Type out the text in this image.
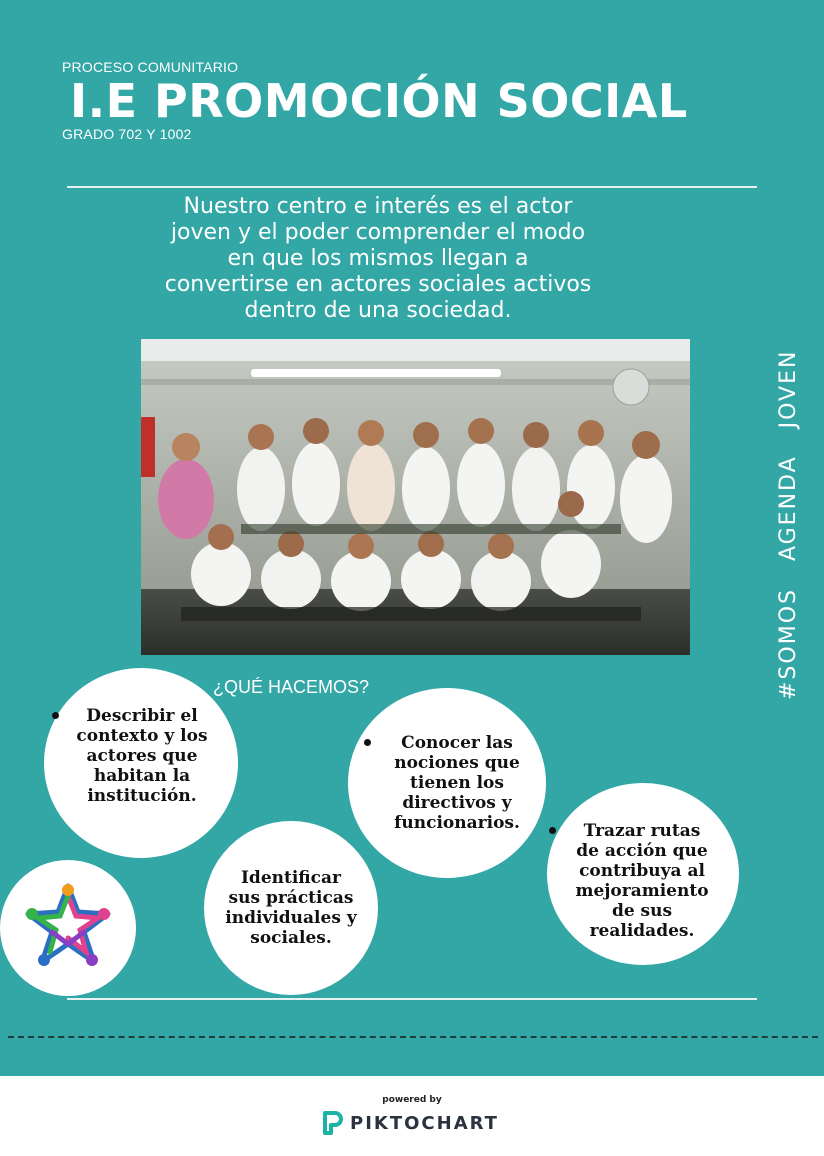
PROCESO COMUNITARIO
I.E PROMOCIÓN SOCIAL
GRADO 702 Y 1002
Nuestro centro e interés es el actor
joven y el poder comprender el modo
en que los mismos llegan a
convertirse en actores sociales activos
dentro de una sociedad.
#SOMOS   AGENDA   JOVEN
¿QUÉ HACEMOS?
Describir el
contexto y los
actores que
habitan la
institución.
Identificar
sus prácticas
individuales y
sociales.
Conocer las
nociones que
tienen los
directivos y
funcionarios.	Trazar rutas
de acción que
contribuya al
mejoramiento
de sus
realidades.
powered by
PIKTOCHART
